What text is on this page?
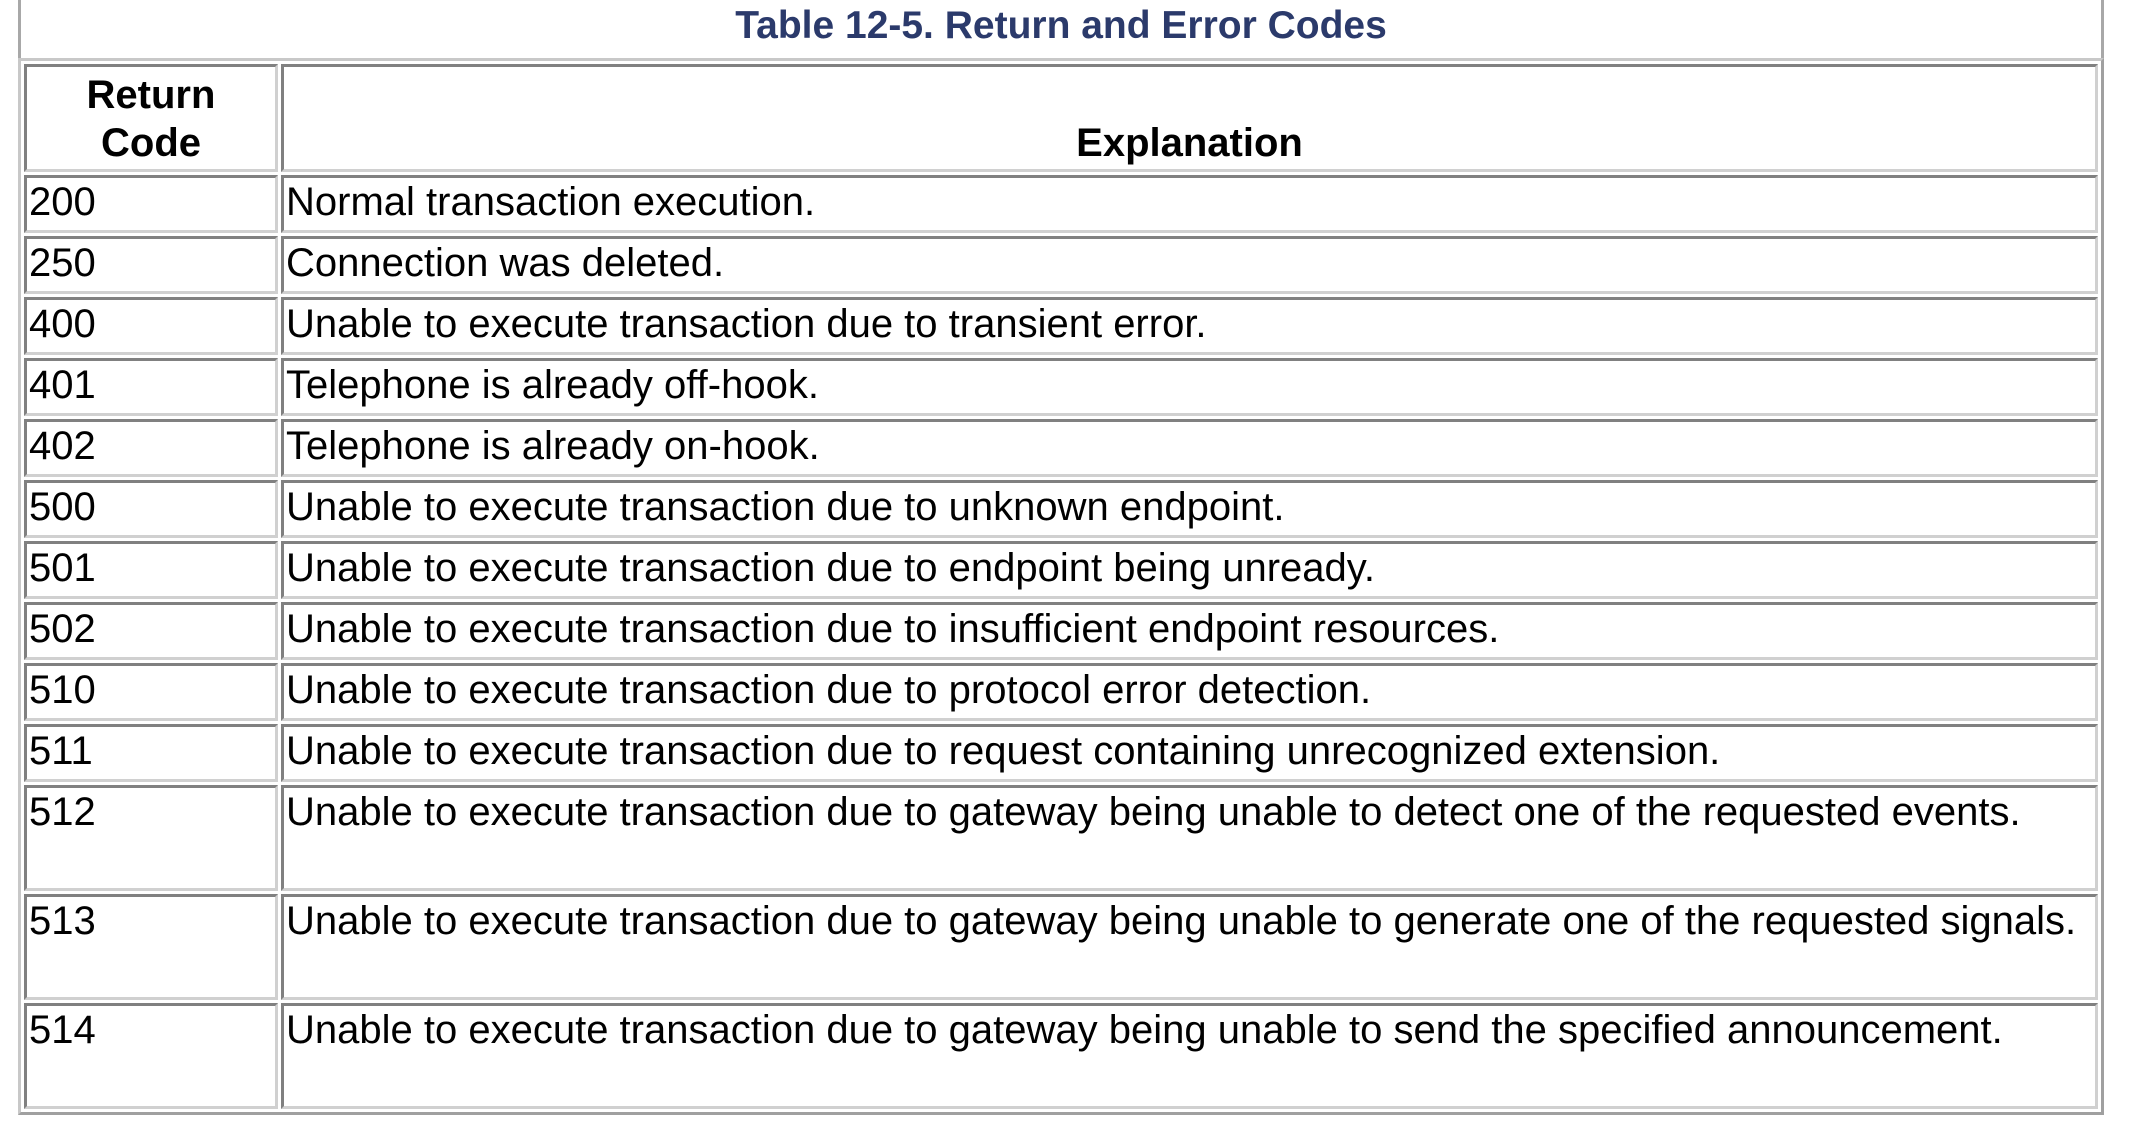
Table 12-5. Return and Error Codes
Return
Code	Explanation
200	Normal transaction execution.
250	Connection was deleted.
400	Unable to execute transaction due to transient error.
401	Telephone is already off-hook.
402	Telephone is already on-hook.
500	Unable to execute transaction due to unknown endpoint.
501	Unable to execute transaction due to endpoint being unready.
502	Unable to execute transaction due to insufficient endpoint resources.
510	Unable to execute transaction due to protocol error detection.
511	Unable to execute transaction due to request containing unrecognized extension.
512	Unable to execute transaction due to gateway being unable to detect one of the requested events.
513	Unable to execute transaction due to gateway being unable to generate one of the requested signals.
514	Unable to execute transaction due to gateway being unable to send the specified announcement.
